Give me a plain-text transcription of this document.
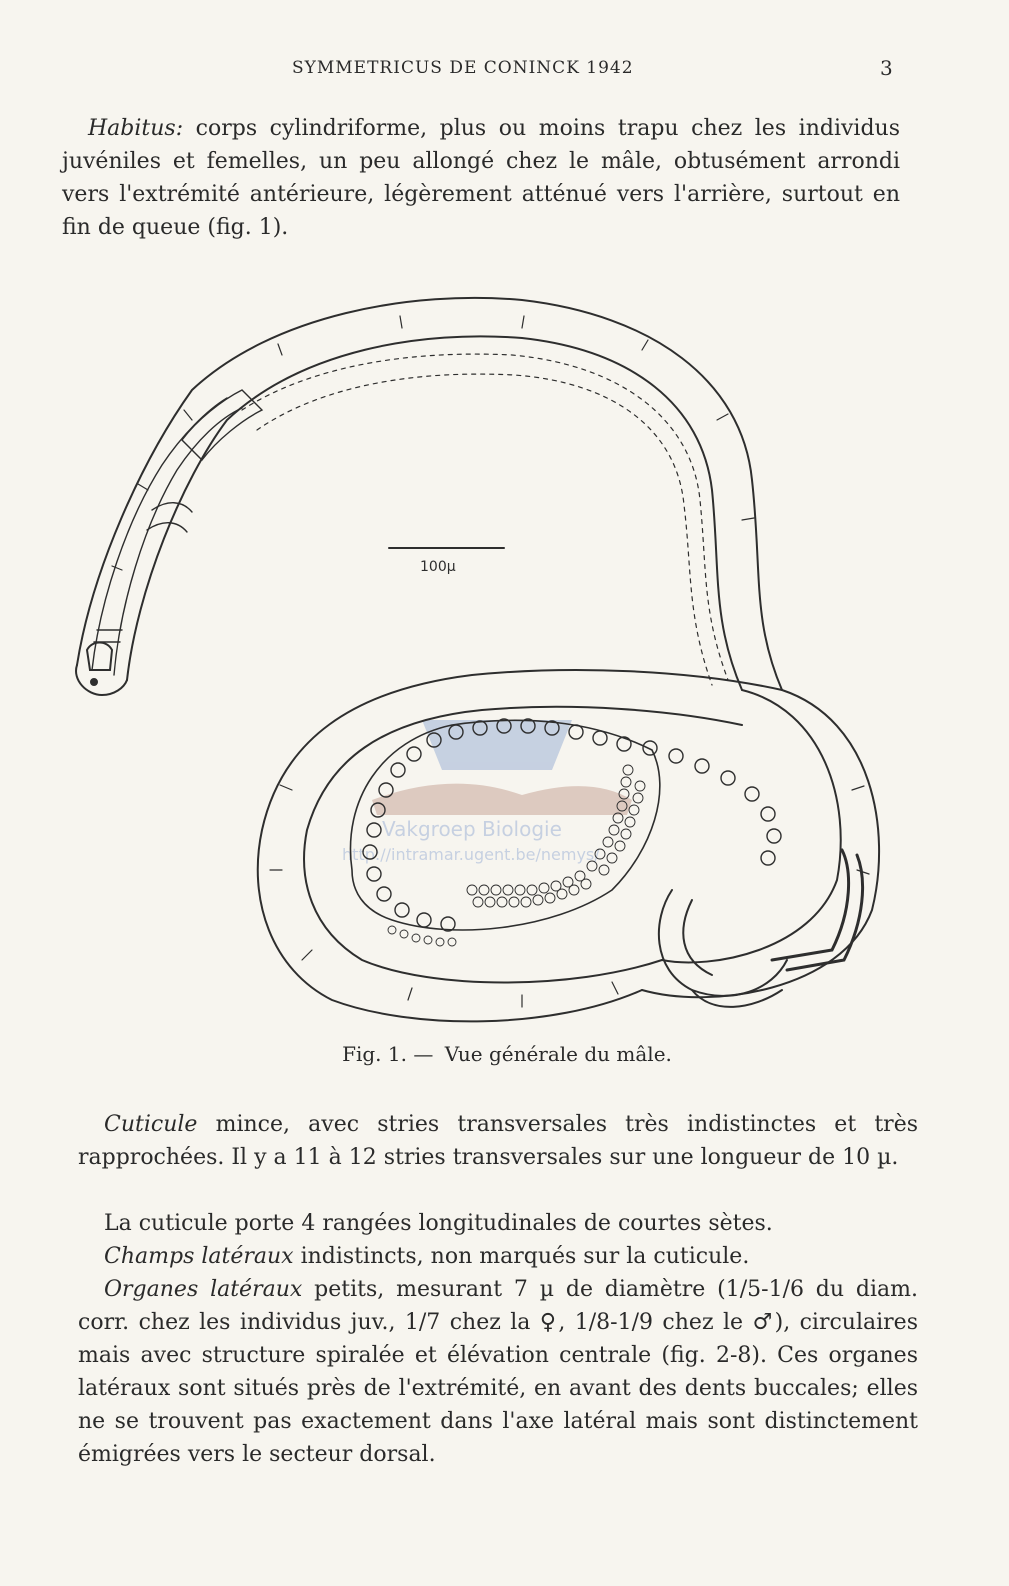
SYMMETRICUS DE CONINCK 1942	3

Habitus: corps cylindriforme, plus ou moins trapu chez les individus juvéniles et femelles, un peu allongé chez le mâle, obtusément arrondi vers l'extrémité antérieure, légèrement atténué vers l'arrière, surtout en fin de queue (fig. 1).

Vakgroep Biologie
http://intramar.ugent.be/nemys/
100µ
Fig. 1. — Vue générale du mâle.

Cuticule mince, avec stries transversales très indistinctes et très rapprochées. Il y a 11 à 12 stries transversales sur une longueur de 10 µ.

La cuticule porte 4 rangées longitudinales de courtes sètes.

Champs latéraux indistincts, non marqués sur la cuticule.

Organes latéraux petits, mesurant 7 µ de diamètre (1/5-1/6 du diam. corr. chez les individus juv., 1/7 chez la ♀, 1/8-1/9 chez le ♂), circulaires mais avec structure spiralée et élévation centrale (fig. 2-8). Ces organes latéraux sont situés près de l'extrémité, en avant des dents buccales; elles ne se trouvent pas exactement dans l'axe latéral mais sont distinctement émigrées vers le secteur dorsal.
